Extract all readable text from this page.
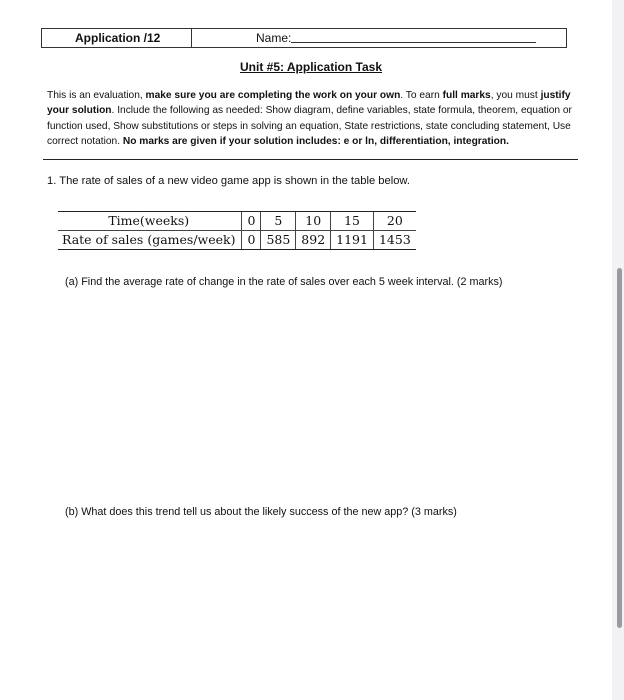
Application /12	Name:
Unit #5: Application Task
This is an evaluation, make sure you are completing the work on your own. To earn full marks, you must justify your solution. Include the following as needed: Show diagram, define variables, state formula, theorem, equation or function used, Show substitutions or steps in solving an equation, State restrictions, state concluding statement, Use correct notation. No marks are given if your solution includes: e or ln, differentiation, integration.
1. The rate of sales of a new video game app is shown in the table below.
Time(weeks)	0	5	10	15	20
Rate of sales (games/week)	0	585	892	1191	1453
(a) Find the average rate of change in the rate of sales over each 5 week interval. (2 marks)
(b) What does this trend tell us about the likely success of the new app? (3 marks)
